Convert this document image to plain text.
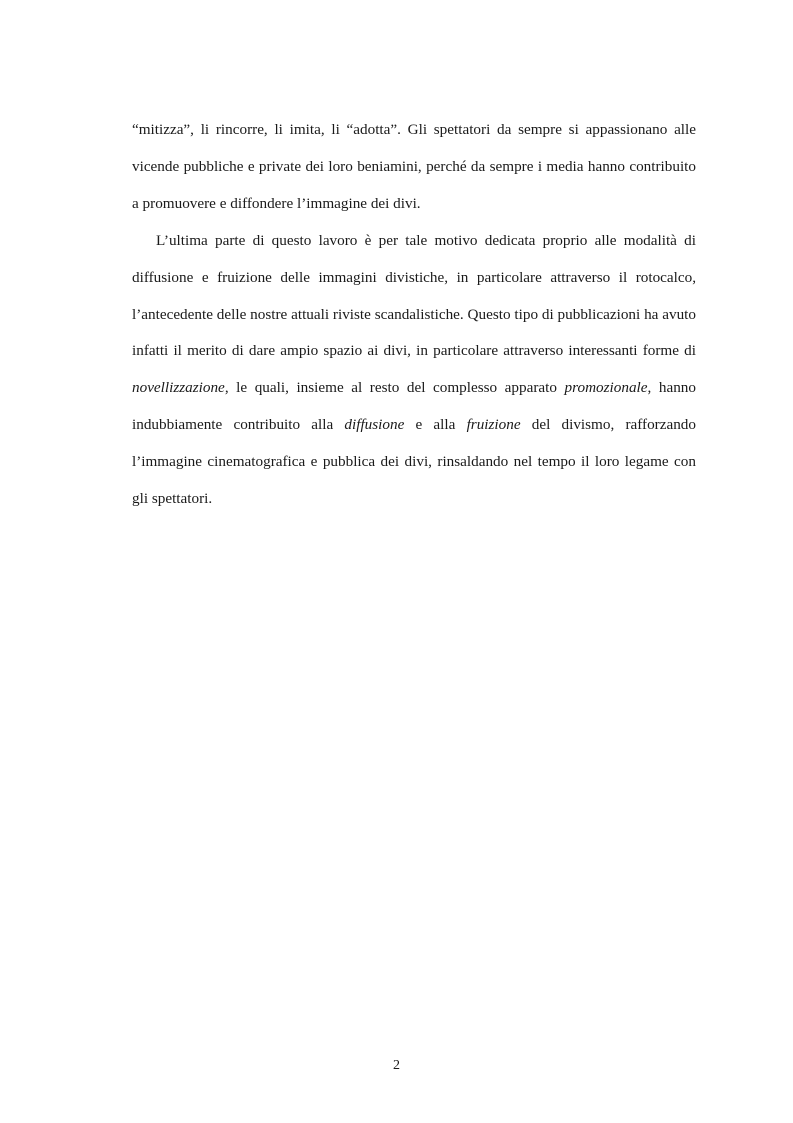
“mitizza”, li rincorre, li imita, li “adotta”. Gli spettatori da sempre si appassionano alle vicende pubbliche e private dei loro beniamini, perché da sempre i media hanno contribuito a promuovere e diffondere l’immagine dei divi.

L’ultima parte di questo lavoro è per tale motivo dedicata proprio alle modalità di diffusione e fruizione delle immagini divistiche, in particolare attraverso il rotocalco, l’antecedente delle nostre attuali riviste scandalistiche. Questo tipo di pubblicazioni ha avuto infatti il merito di dare ampio spazio ai divi, in particolare attraverso interessanti forme di novellizzazione, le quali, insieme al resto del complesso apparato promozionale, hanno indubbiamente contribuito alla diffusione e alla fruizione del divismo, rafforzando l’immagine cinematografica e pubblica dei divi, rinsaldando nel tempo il loro legame con gli spettatori.

2
